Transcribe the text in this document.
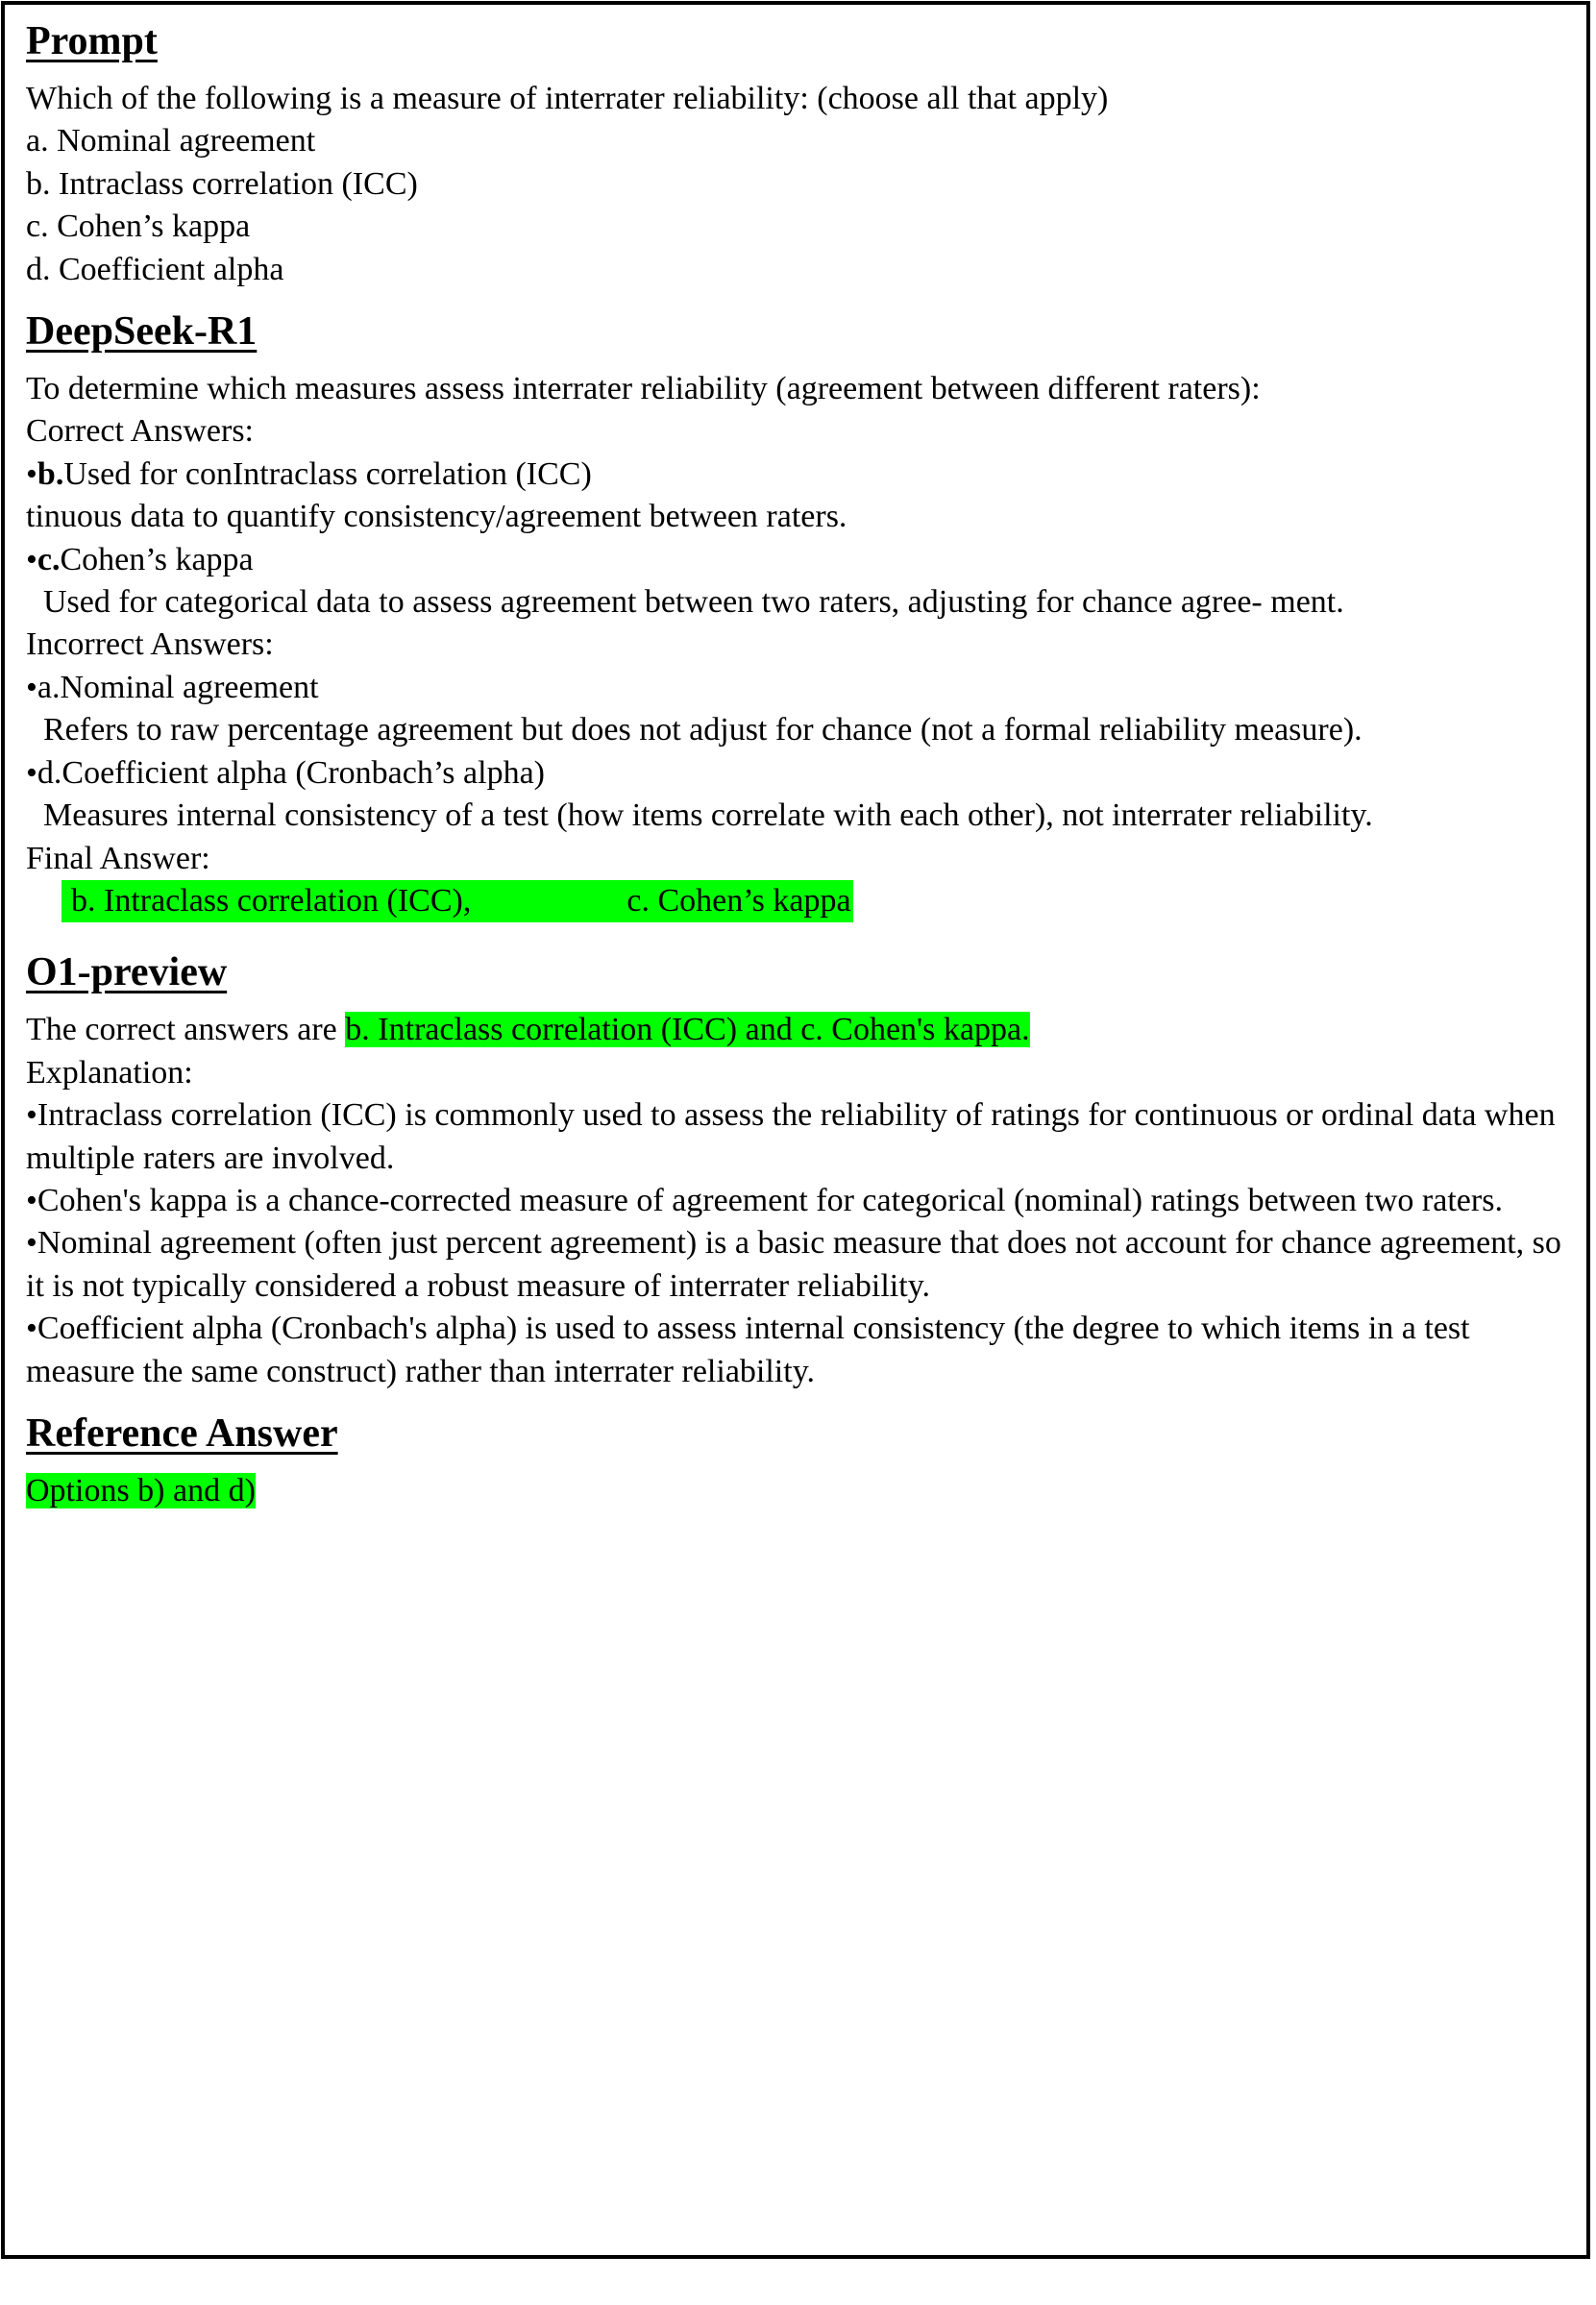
Prompt
Which of the following is a measure of interrater reliability: (choose all that apply)
a. Nominal agreement
b. Intraclass correlation (ICC)
c. Cohen’s kappa
d. Coefficient alpha
DeepSeek-R1
To determine which measures assess interrater reliability (agreement between different raters):
Correct Answers:
•b.Used for conIntraclass correlation (ICC)
tinuous data to quantify consistency/agreement between raters.
•c.Cohen’s kappa
Used for categorical data to assess agreement between two raters, adjusting for chance agree- ment.
Incorrect Answers:
•a.Nominal agreement
Refers to raw percentage agreement but does not adjust for chance (not a formal reliability measure).
•d.Coefficient alpha (Cronbach’s alpha)
Measures internal consistency of a test (how items correlate with each other), not interrater reliability.
Final Answer:
b. Intraclass correlation (ICC),	c. Cohen’s kappa
O1-preview
The correct answers are b. Intraclass correlation (ICC) and c. Cohen's kappa.
Explanation:
•Intraclass correlation (ICC) is commonly used to assess the reliability of ratings for continuous or ordinal data when multiple raters are involved.
•Cohen's kappa is a chance-corrected measure of agreement for categorical (nominal) ratings between two raters.
•Nominal agreement (often just percent agreement) is a basic measure that does not account for chance agreement, so it is not typically considered a robust measure of interrater reliability.
•Coefficient alpha (Cronbach's alpha) is used to assess internal consistency (the degree to which items in a test measure the same construct) rather than interrater reliability.
Reference Answer
Options b) and d)
